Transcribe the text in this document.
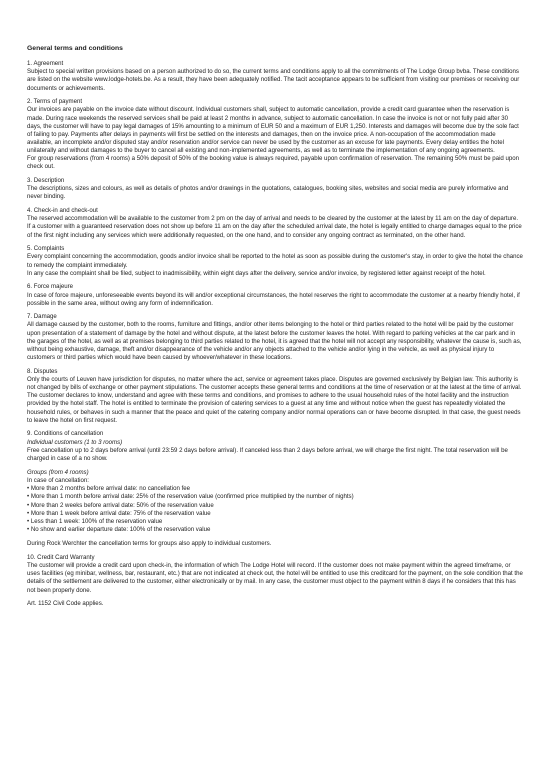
General terms and conditions

1. Agreement

Subject to special written provisions based on a person authorized to do so, the current terms and conditions apply to all the commitments of The Lodge Group bvba. These conditions are listed on the website www.lodge-hotels.be. As a result, they have been adequately notified. The tacit acceptance appears to be sufficient from visiting our premises or receiving our documents or achievements.

2. Terms of payment

Our invoices are payable on the invoice date without discount. Individual customers shall, subject to automatic cancellation, provide a credit card guarantee when the reservation is made. During race weekends the reserved services shall be paid at least 2 months in advance, subject to automatic cancellation. In case the invoice is not or not fully paid after 30 days, the customer will have to pay legal damages of 15% amounting to a minimum of EUR 50 and a maximum of EUR 1,250. Interests and damages will become due by the sole fact of failing to pay. Payments after delays in payments will first be settled on the interests and damages, then on the invoice price. A non-occupation of the accommodation made available, an incomplete and/or disputed stay and/or reservation and/or service can never be used by the customer as an excuse for late payments. Every delay entitles the hotel unilaterally and without damages to the buyer to cancel all existing and non-implemented agreements, as well as to terminate the implementation of any ongoing agreements.

For group reservations (from 4 rooms) a 50% deposit of 50% of the booking value is always required, payable upon confirmation of reservation. The remaining 50% must be paid upon check out.

3. Description

The descriptions, sizes and colours, as well as details of photos and/or drawings in the quotations, catalogues, booking sites, websites and social media are purely informative and never binding.

4. Check-in and check-out

The reserved accommodation will be available to the customer from 2 pm on the day of arrival and needs to be cleared by the customer at the latest by 11 am on the day of departure. If a customer with a guaranteed reservation does not show up before 11 am on the day after the scheduled arrival date, the hotel is legally entitled to charge damages equal to the price of the first night including any services which were additionally requested, on the one hand, and to consider any ongoing contract as terminated, on the other hand.

5. Complaints

Every complaint concerning the accommodation, goods and/or invoice shall be reported to the hotel as soon as possible during the customer's stay, in order to give the hotel the chance to remedy the complaint immediately.

In any case the complaint shall be filed, subject to inadmissibility, within eight days after the delivery, service and/or invoice, by registered letter against receipt of the hotel.

6. Force majeure

In case of force majeure, unforeseeable events beyond its will and/or exceptional circumstances, the hotel reserves the right to accommodate the customer at a nearby friendly hotel, if possible in the same area, without owing any form of indemnification.

7. Damage

All damage caused by the customer, both to the rooms, furniture and fittings, and/or other items belonging to the hotel or third parties related to the hotel will be paid by the customer upon presentation of a statement of damage by the hotel and without dispute, at the latest before the customer leaves the hotel. With regard to parking vehicles at the car park and in the garages of the hotel, as well as at premises belonging to third parties related to the hotel, it is agreed that the hotel will not accept any responsibility, whatever the cause is, such as, without being exhaustive, damage, theft and/or disappearance of the vehicle and/or any objects attached to the vehicle and/or lying in the vehicle, as well as physical injury to customers or third parties which would have been caused by whoever/whatever in these locations.

8. Disputes

Only the courts of Leuven have jurisdiction for disputes, no matter where the act, service or agreement takes place. Disputes are governed exclusively by Belgian law. This authority is not changed by bills of exchange or other payment stipulations. The customer accepts these general terms and conditions at the time of reservation or at the latest at the time of arrival. The customer declares to know, understand and agree with these terms and conditions, and promises to adhere to the usual household rules of the hotel facility and the instruction provided by the hotel staff. The hotel is entitled to terminate the provision of catering services to a guest at any time and without notice when the guest has repeatedly violated the household rules, or behaves in such a manner that the peace and quiet of the catering company and/or normal operations can or have become disrupted. In that case, the guest needs to leave the hotel on first request.

9. Conditions of cancellation

Individual customers (1 to 3 rooms)

Free cancellation up to 2 days before arrival (until 23:59 2 days before arrival). If canceled less than 2 days before arrival, we will charge the first night. The total reservation will be charged in case of a no show.

Groups (from 4 rooms)

In case of cancellation:

• More than 2 months before arrival date: no cancellation fee
• More than 1 month before arrival date: 25% of the reservation value (confirmed price multiplied by the number of nights)
• More than 2 weeks before arrival date: 50% of the reservation value
• More than 1 week before arrival date: 75% of the reservation value
• Less than 1 week: 100% of the reservation value
• No show and earlier departure date: 100% of the reservation value

During Rock Werchter the cancellation terms for groups also apply to individual customers.

10. Credit Card Warranty

The customer will provide a credit card upon check-in, the information of which The Lodge Hotel will record. If the customer does not make payment within the agreed timeframe, or uses facilities (eg minibar, wellness, bar, restaurant, etc.) that are not indicated at check out, the hotel will be entitled to use this creditcard for the payment, on the sole condition that the details of the settlement are delivered to the customer, either electronically or by mail. In any case, the customer must object to the payment within 8 days if he considers that this has not been properly done.

Art. 1152 Civil Code applies.
